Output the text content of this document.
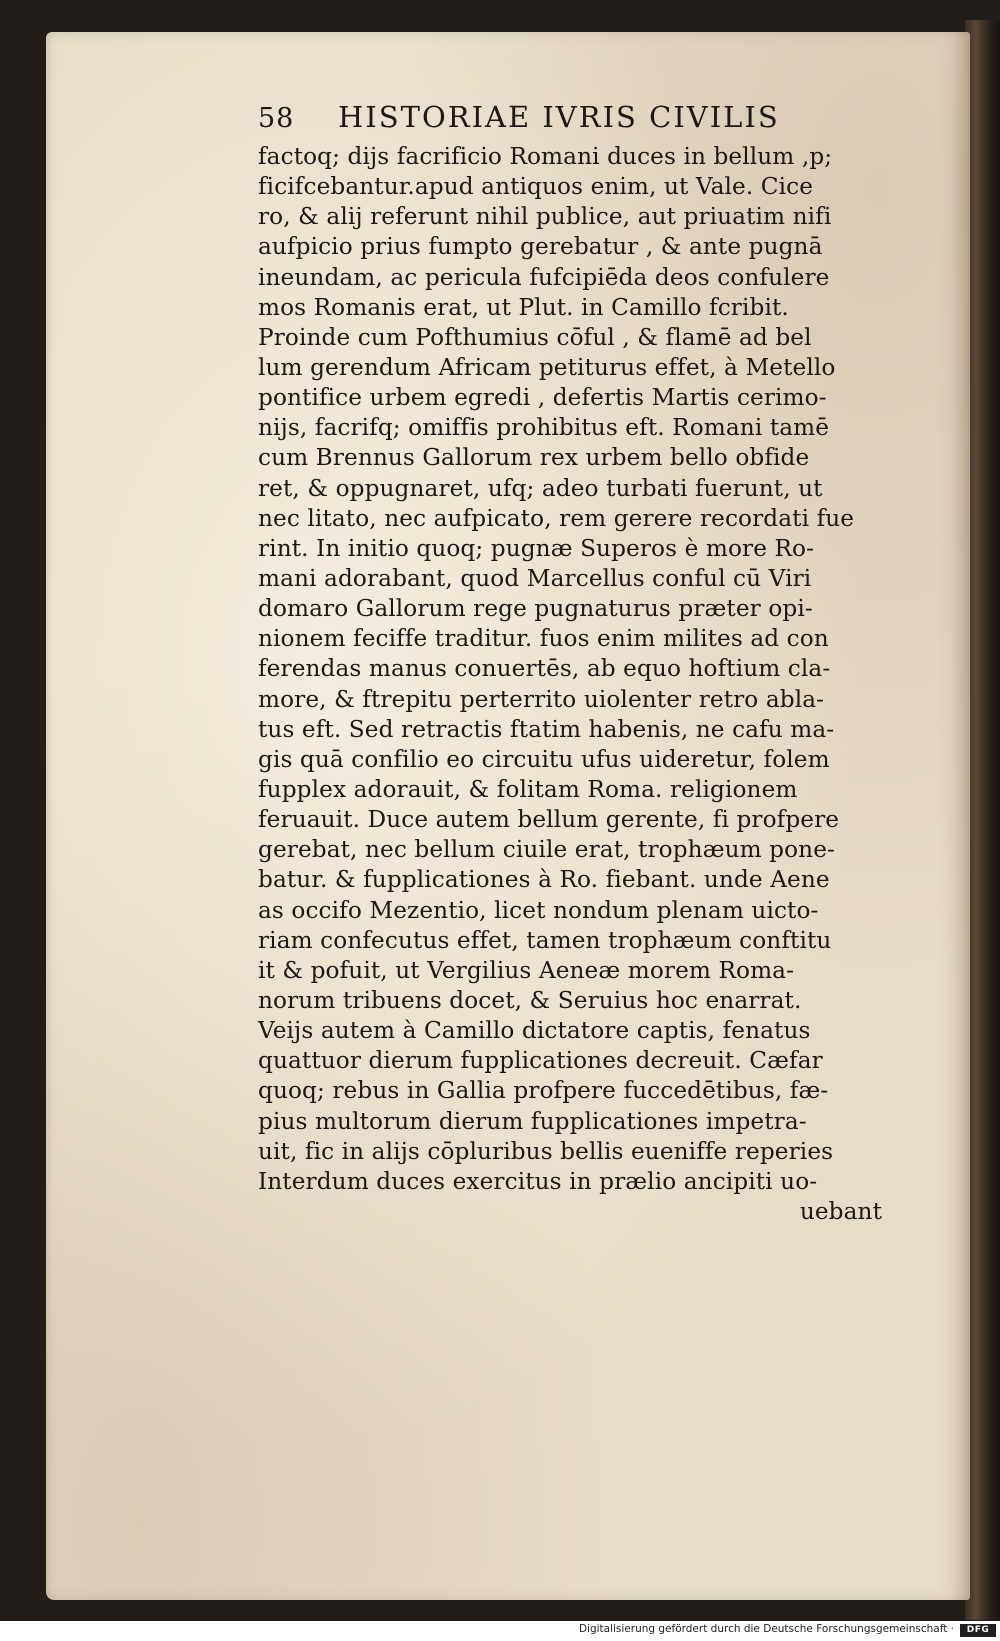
58	HISTORIAE IVRIS CIVILIS
factoq; dijs facrificio Romani duces in bellum ,p;
ficifcebantur.apud antiquos enim, ut Vale. Cice
ro, & alij referunt nihil publice, aut priuatim nifi
aufpicio prius fumpto gerebatur , & ante pugnā
ineundam, ac pericula fufcipiēda deos confulere
mos Romanis erat, ut Plut. in Camillo fcribit.
Proinde cum Pofthumius cōful , & flamē ad bel
lum gerendum Africam petiturus effet, à Metello
pontifice urbem egredi , defertis Martis cerimo-
nijs, facrifq; omiffis prohibitus eft. Romani tamē
cum Brennus Gallorum rex urbem bello obfide
ret, & oppugnaret, ufq; adeo turbati fuerunt, ut
nec litato, nec aufpicato, rem gerere recordati fue
rint. In initio quoq; pugnæ Superos è more Ro-
mani adorabant, quod Marcellus conful cū Viri
domaro Gallorum rege pugnaturus præter opi-
nionem feciffe traditur. fuos enim milites ad con
ferendas manus conuertēs, ab equo hoftium cla-
more, & ftrepitu perterrito uiolenter retro abla-
tus eft. Sed retractis ftatim habenis, ne cafu ma-
gis quā confilio eo circuitu ufus uideretur, folem
fupplex adorauit, & folitam Roma. religionem
feruauit. Duce autem bellum gerente, fi profpere
gerebat, nec bellum ciuile erat, trophæum pone-
batur. & fupplicationes à Ro. fiebant. unde Aene
as occifo Mezentio, licet nondum plenam uicto-
riam confecutus effet, tamen trophæum conftitu
it & pofuit, ut Vergilius Aeneæ morem Roma-
norum tribuens docet, & Seruius hoc enarrat.
Veijs autem à Camillo dictatore captis, fenatus
quattuor dierum fupplicationes decreuit. Cæfar
quoq; rebus in Gallia profpere fuccedētibus, fæ-
pius multorum dierum fupplicationes impetra-
uit, fic in alijs cōpluribus bellis eueniffe reperies
Interdum duces exercitus in prælio ancipiti uo-
uebant
Digitalisierung gefördert durch die Deutsche Forschungsgemeinschaft ·	DFG
